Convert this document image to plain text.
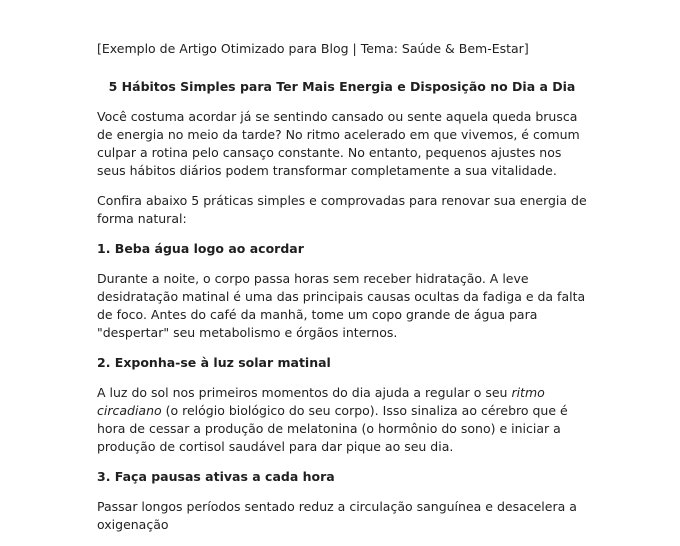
[Exemplo de Artigo Otimizado para Blog | Tema: Saúde & Bem-Estar]

5 Hábitos Simples para Ter Mais Energia e Disposição no Dia a Dia

Você costuma acordar já se sentindo cansado ou sente aquela queda brusca de energia no meio da tarde? No ritmo acelerado em que vivemos, é comum culpar a rotina pelo cansaço constante. No entanto, pequenos ajustes nos seus hábitos diários podem transformar completamente a sua vitalidade.

Confira abaixo 5 práticas simples e comprovadas para renovar sua energia de forma natural:

1. Beba água logo ao acordar

Durante a noite, o corpo passa horas sem receber hidratação. A leve desidratação matinal é uma das principais causas ocultas da fadiga e da falta de foco. Antes do café da manhã, tome um copo grande de água para "despertar" seu metabolismo e órgãos internos.

2. Exponha-se à luz solar matinal

A luz do sol nos primeiros momentos do dia ajuda a regular o seu ritmo circadiano (o relógio biológico do seu corpo). Isso sinaliza ao cérebro que é hora de cessar a produção de melatonina (o hormônio do sono) e iniciar a produção de cortisol saudável para dar pique ao seu dia.

3. Faça pausas ativas a cada hora

Passar longos períodos sentado reduz a circulação sanguínea e desacelera a oxigenação
